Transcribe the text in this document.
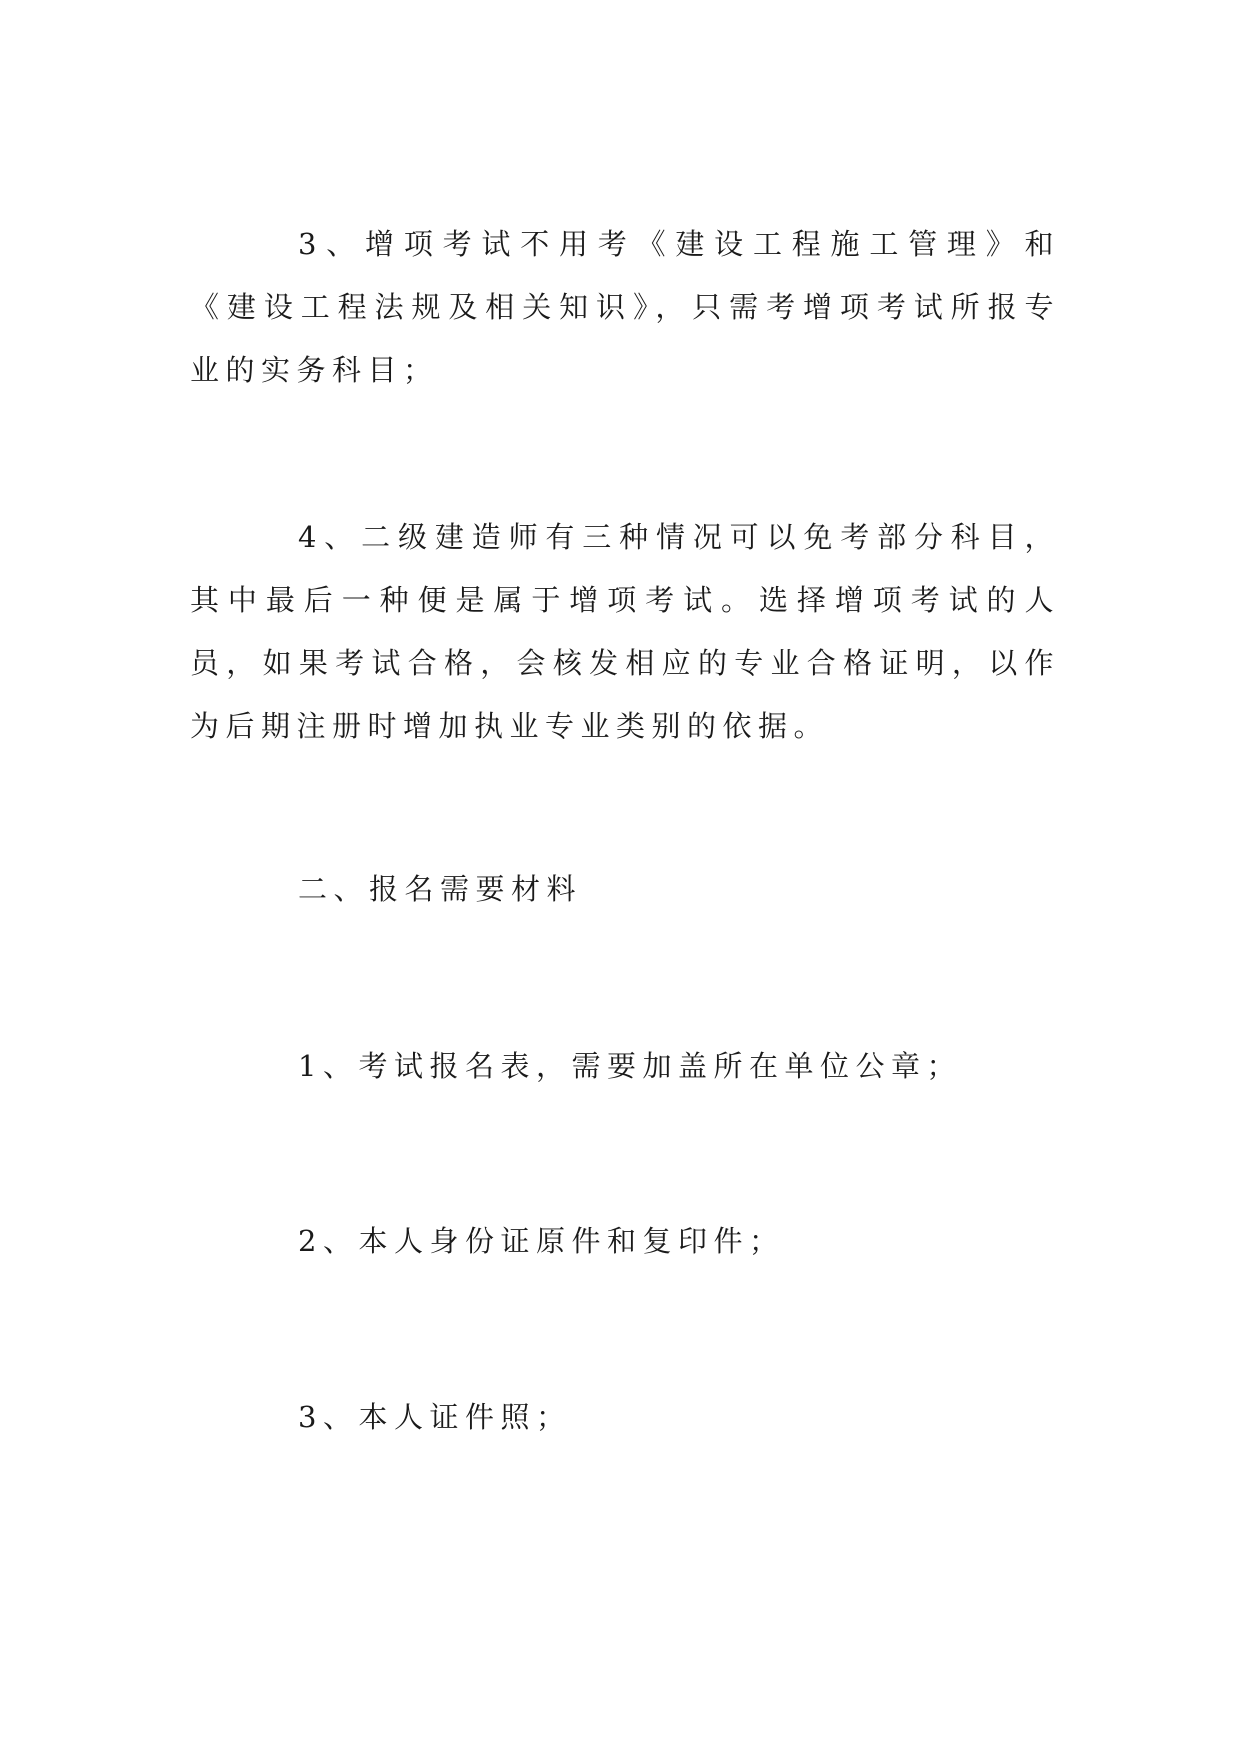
3、增项考试不用考《建设工程施工管理》和《建设工程法规及相关知识》，只需考增项考试所报专业的实务科目；

4、二级建造师有三种情况可以免考部分科目，其中最后一种便是属于增项考试。选择增项考试的人员，如果考试合格，会核发相应的专业合格证明，以作为后期注册时增加执业专业类别的依据。

二、报名需要材料

1、考试报名表，需要加盖所在单位公章；

2、本人身份证原件和复印件；

3、本人证件照；
